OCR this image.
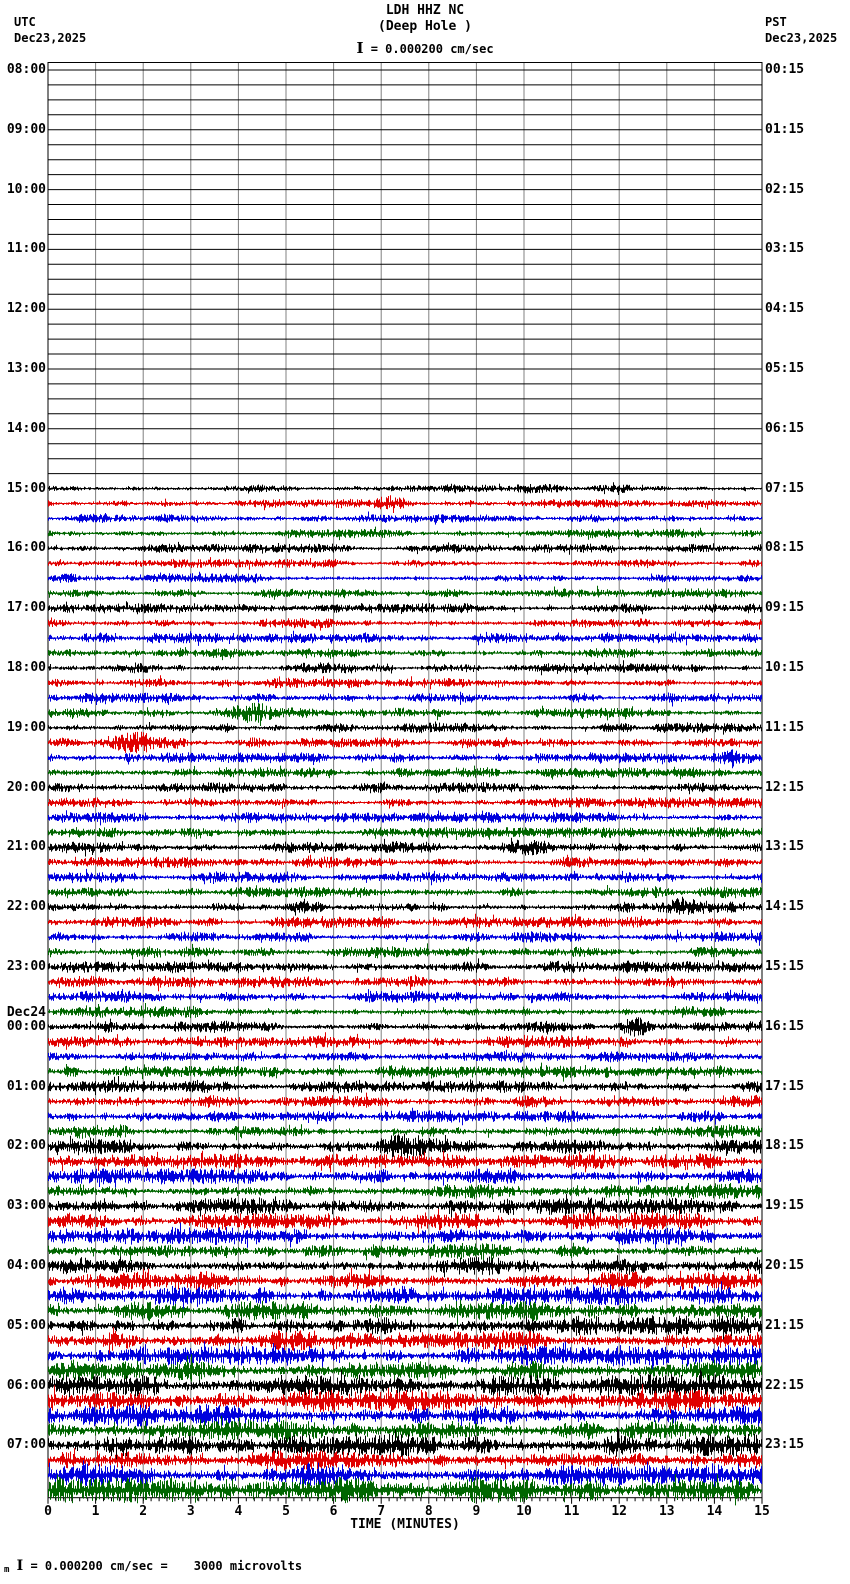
LDH HHZ NC
(Deep Hole )
I = 0.000200 cm/sec
UTC
Dec23,2025
PST
Dec23,2025
08:00
09:00
10:00
11:00
12:00
13:00
14:00
15:00
16:00
17:00
18:00
19:00
20:00
21:00
22:00
23:00
00:00
Dec24
01:00
02:00
03:00
04:00
05:00
06:00
07:00
00:15
01:15
02:15
03:15
04:15
05:15
06:15
07:15
08:15
09:15
10:15
11:15
12:15
13:15
14:15
15:15
16:15
17:15
18:15
19:15
20:15
21:15
22:15
23:15
0	1	2	3	4	5	6	7	8	9	10	11	12	13	14	15
TIME (MINUTES)
m I = 0.000200 cm/sec = 3000 microvolts
